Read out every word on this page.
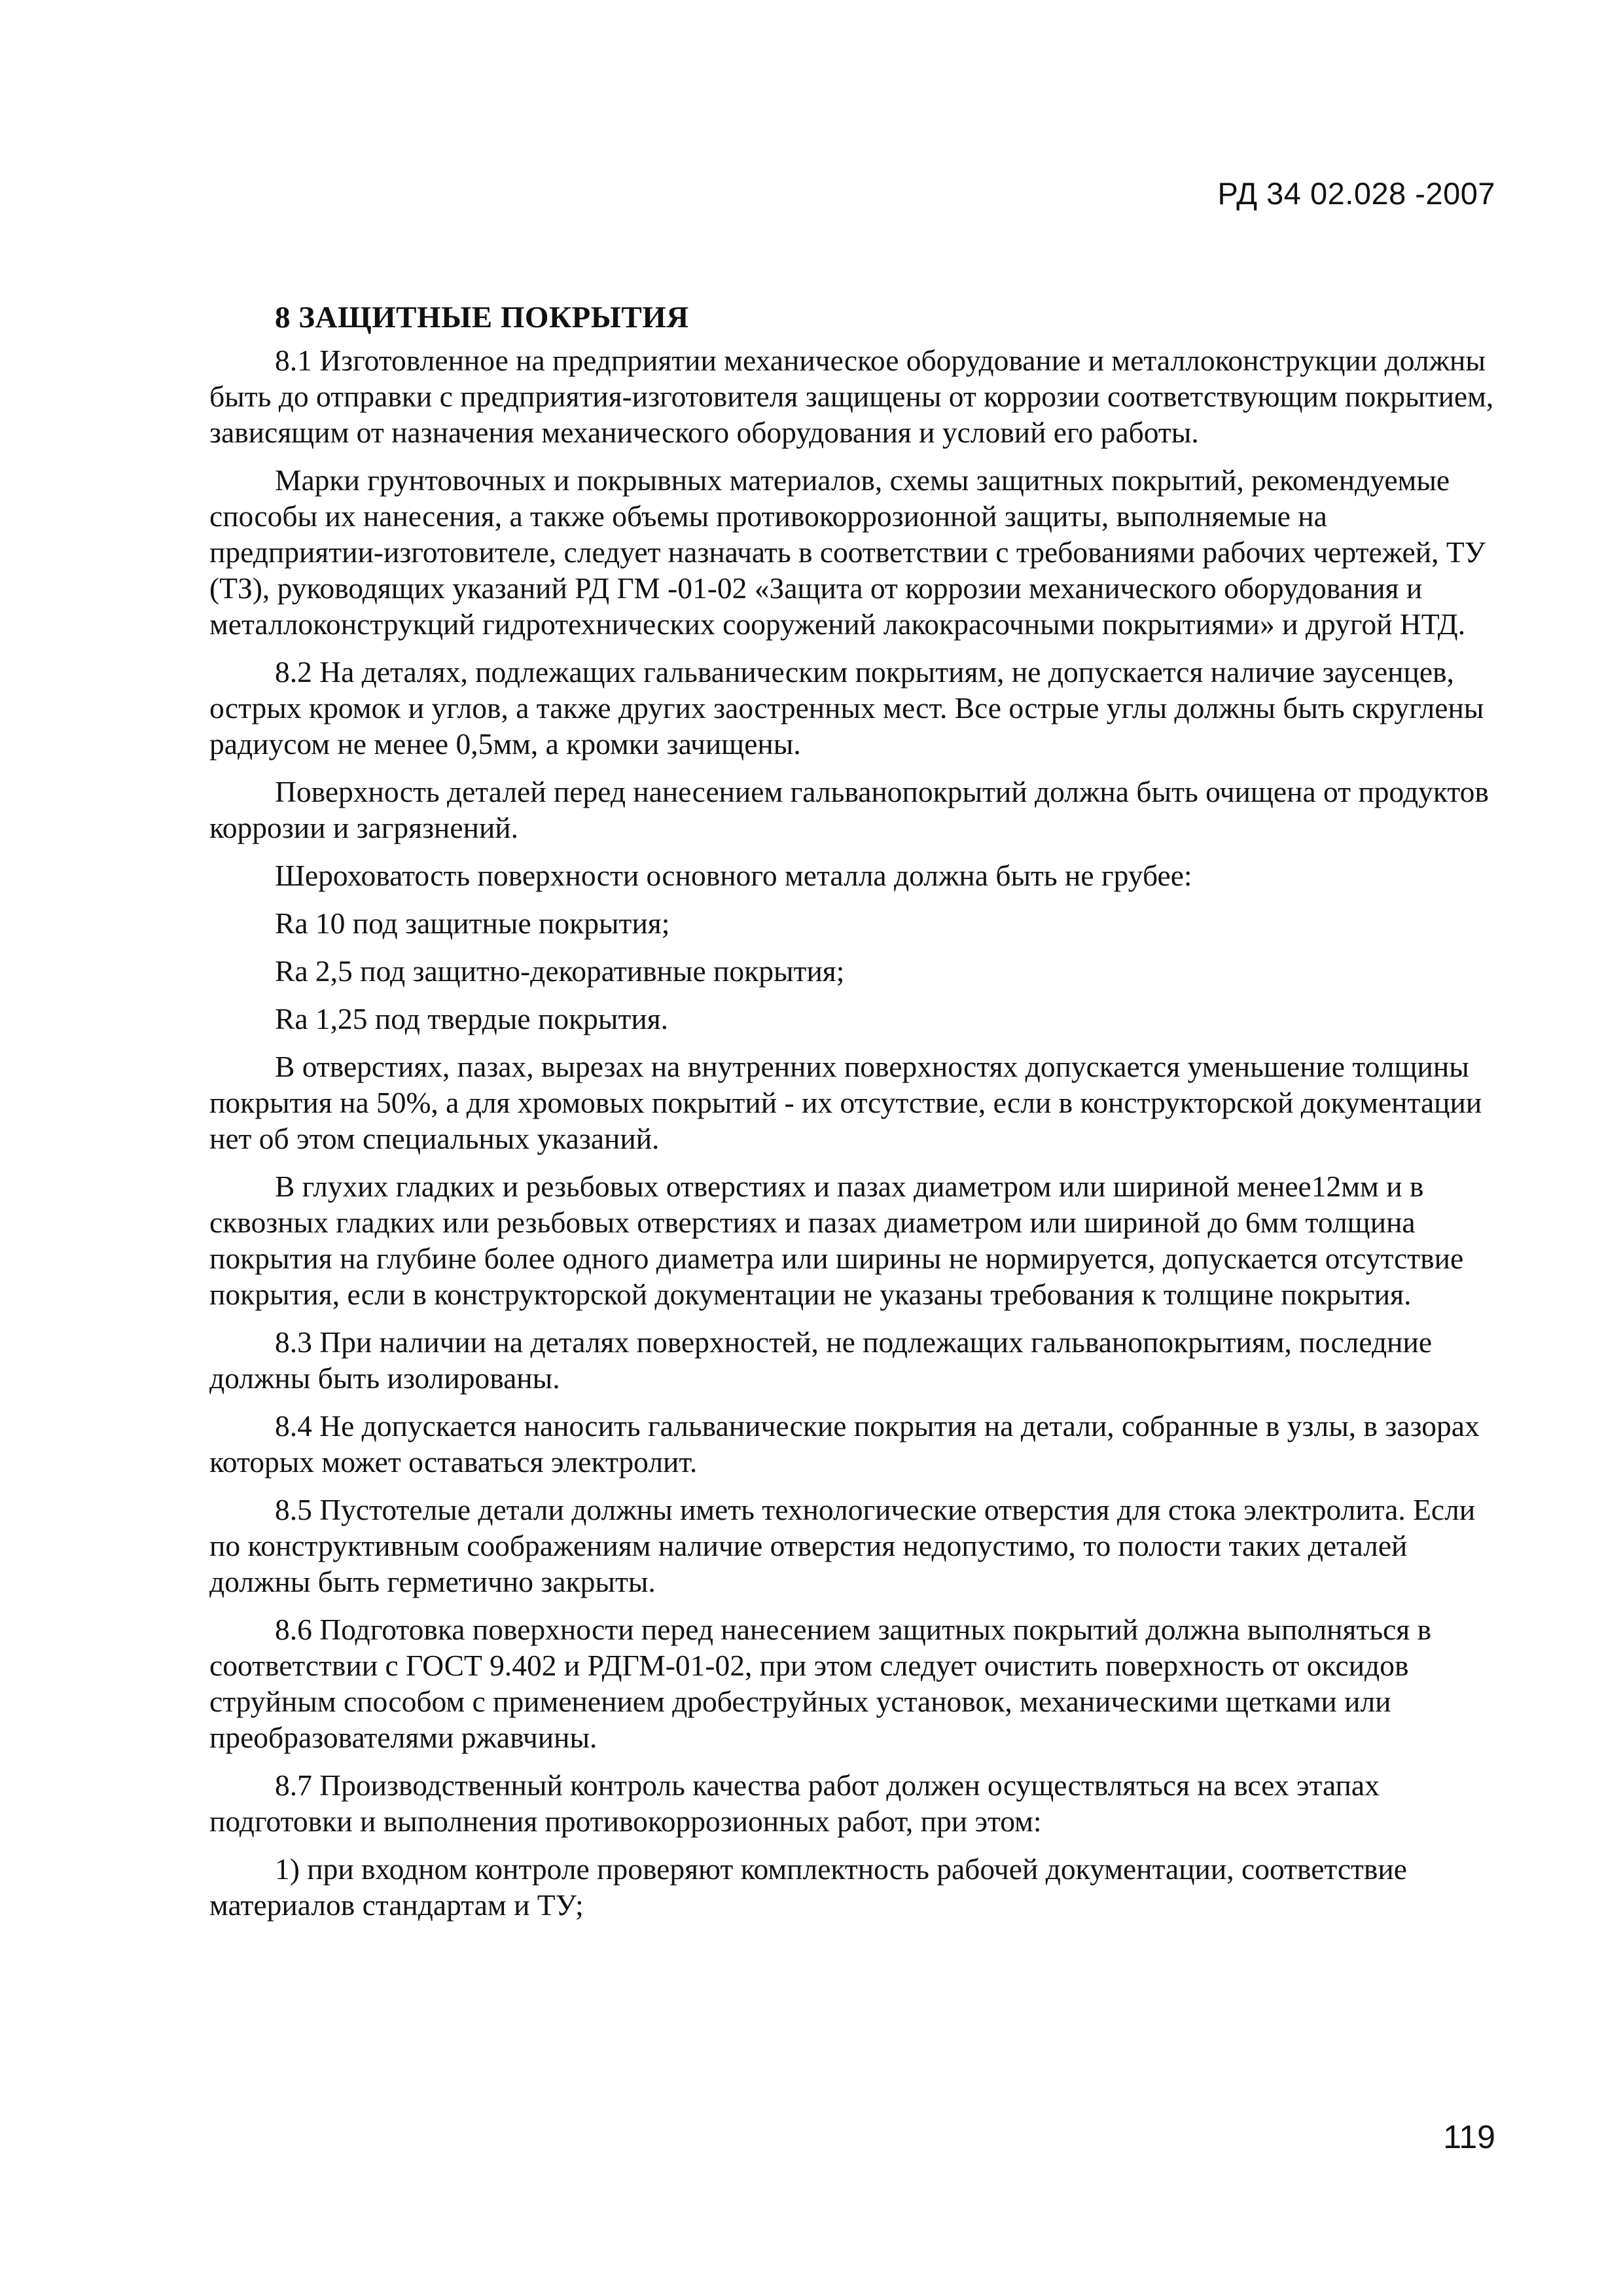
РД 34 02.028 -2007
8 ЗАЩИТНЫЕ ПОКРЫТИЯ

8.1 Изготовленное на предприятии механическое оборудование и металлоконструкции должны быть до отправки с предприятия-изготовителя защищены от коррозии соответствующим покрытием, зависящим от назначения механического оборудования и условий его работы.

Марки грунтовочных и покрывных материалов, схемы защитных покрытий, рекомендуемые способы их нанесения, а также объемы противокоррозионной защиты, выполняемые на предприятии-изготовителе, следует назначать в соответствии с требованиями рабочих чертежей, ТУ (ТЗ), руководящих указаний РД ГМ -01-02 «Защита от коррозии механического оборудования и металлоконструкций гидротехнических сооружений лакокрасочными покрытиями» и другой НТД.

8.2 На деталях, подлежащих гальваническим покрытиям, не допускается наличие заусенцев, острых кромок и углов, а также других заостренных мест. Все острые углы должны быть скруглены радиусом не менее 0,5мм, а кромки зачищены.

Поверхность деталей перед нанесением гальванопокрытий должна быть очищена от продуктов коррозии и загрязнений.

Шероховатость поверхности основного металла должна быть не грубее:

Ra 10 под защитные покрытия;

Ra 2,5 под защитно-декоративные покрытия;

Ra 1,25 под твердые покрытия.

В отверстиях, пазах, вырезах на внутренних поверхностях допускается уменьшение толщины покрытия на 50%, а для хромовых покрытий - их отсутствие, если в конструкторской документации нет об этом специальных указаний.

В глухих гладких и резьбовых отверстиях и пазах диаметром или шириной менее12мм и в сквозных гладких или резьбовых отверстиях и пазах диаметром или шириной до 6мм толщина покрытия на глубине более одного диаметра или ширины не нормируется, допускается отсутствие покрытия, если в конструкторской документации не указаны требования к толщине покрытия.

8.3 При наличии на деталях поверхностей, не подлежащих гальванопокрытиям, последние должны быть изолированы.

8.4 Не допускается наносить гальванические покрытия на детали, собранные в узлы, в зазорах которых может оставаться электролит.

8.5 Пустотелые детали должны иметь технологические отверстия для стока электролита. Если по конструктивным соображениям наличие отверстия недопустимо, то полости таких деталей должны быть герметично закрыты.

8.6 Подготовка поверхности перед нанесением защитных покрытий должна выполняться в соответствии с ГОСТ 9.402 и РДГМ-01-02, при этом следует очистить поверхность от оксидов струйным способом с применением дробеструйных установок, механическими щетками или преобразователями ржавчины.

8.7 Производственный контроль качества работ должен осуществляться на всех этапах подготовки и выполнения противокоррозионных работ, при этом:

1) при входном контроле проверяют комплектность рабочей документации, соответствие материалов стандартам и ТУ;

119
